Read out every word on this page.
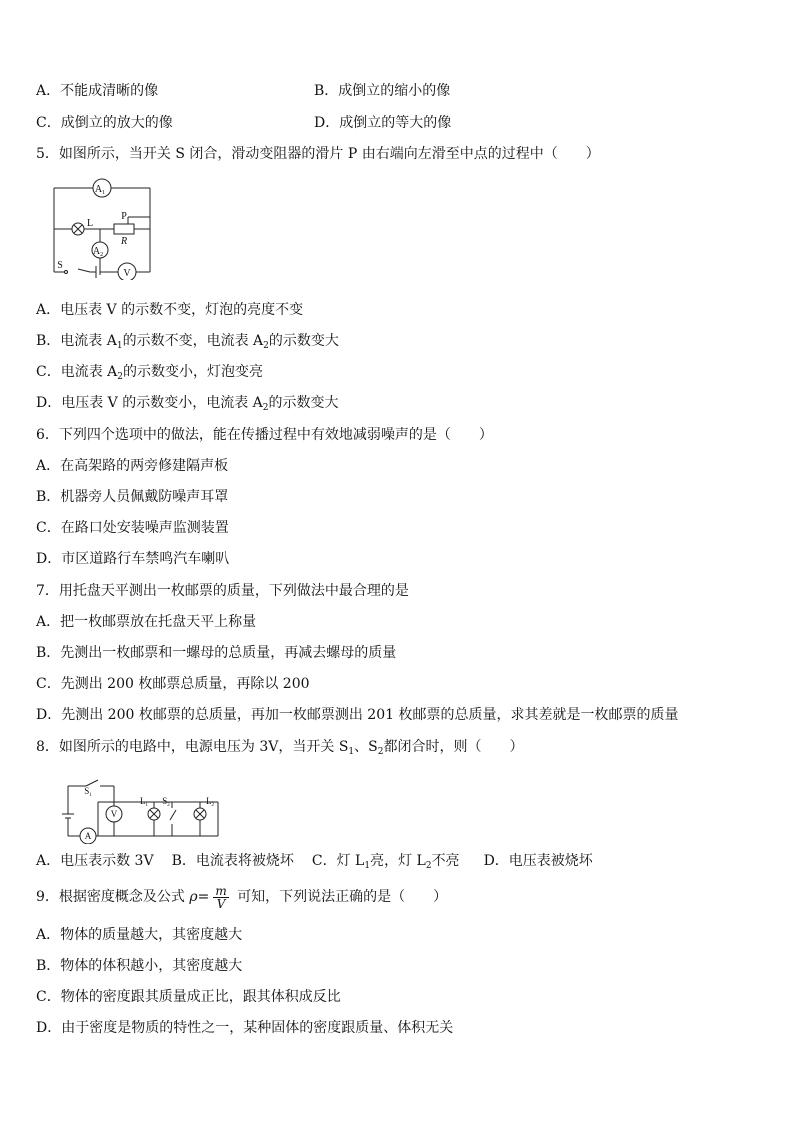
A．不能成清晰的像	B．成倒立的缩小的像
C．成倒立的放大的像	D．成倒立的等大的像
5．如图所示，当开关 S 闭合，滑动变阻器的滑片 P 由右端向左滑至中点的过程中（　　）
$A_1$
$A_2$
V
L
P
R
S
A．电压表 V 的示数不变，灯泡的亮度不变
B．电流表 $A_1$的示数不变，电流表 $A_2$的示数变大
C．电流表 $A_2$的示数变小，灯泡变亮
D．电压表 V 的示数变小，电流表 $A_2$的示数变大
6．下列四个选项中的做法，能在传播过程中有效地减弱噪声的是（　　）
A．在高架路的两旁修建隔声板
B．机器旁人员佩戴防噪声耳罩
C．在路口处安装噪声监测装置
D．市区道路行车禁鸣汽车喇叭
7．用托盘天平测出一枚邮票的质量，下列做法中最合理的是
A．把一枚邮票放在托盘天平上称量
B．先测出一枚邮票和一螺母的总质量，再减去螺母的质量
C．先测出 200 枚邮票总质量，再除以 200
D．先测出 200 枚邮票的总质量，再加一枚邮票测出 201 枚邮票的总质量，求其差就是一枚邮票的质量
8．如图所示的电路中，电源电压为 3V，当开关 $S_1$、$S_2$都闭合时，则（　　）
$S_1$
V
$L_1$ $S_2$	$L_2$
A
A．电压表示数 3V B．电流表将被烧坏 C．灯 $L_1$亮，灯 $L_2$不亮 D．电压表被烧坏
9．根据密度概念及公式 $\rho= \frac{m}{V}$ 可知，下列说法正确的是（　　）
A．物体的质量越大，其密度越大
B．物体的体积越小，其密度越大
C．物体的密度跟其质量成正比，跟其体积成反比
D．由于密度是物质的特性之一，某种固体的密度跟质量、体积无关
